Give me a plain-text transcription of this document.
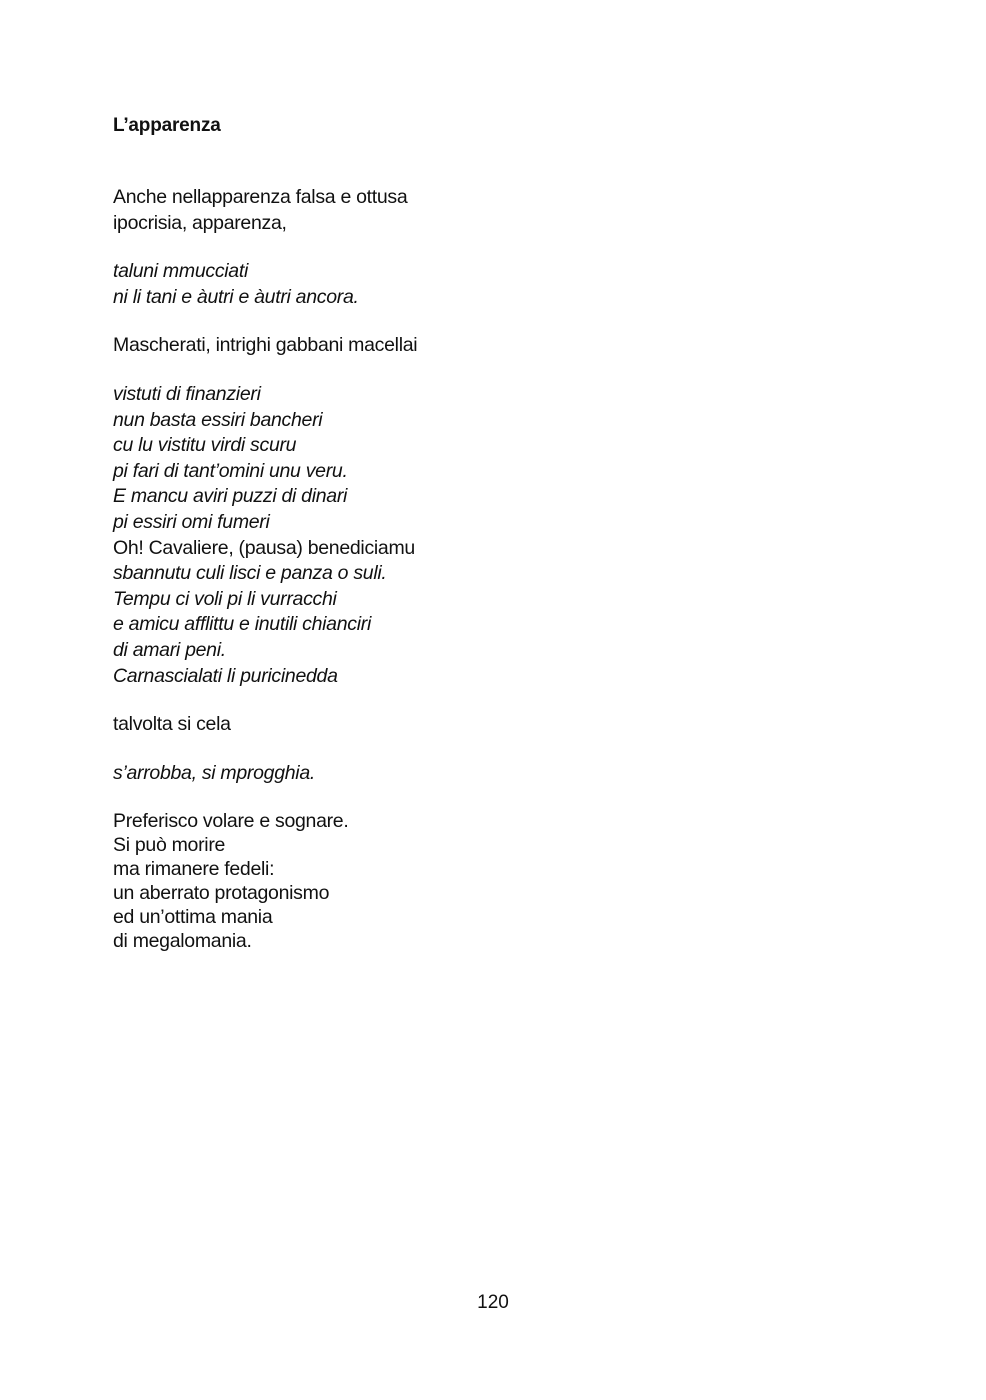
L’apparenza
Anche nellapparenza falsa e ottusa
ipocrisia, apparenza,
taluni mmucciati
ni li tani e àutri e àutri ancora.
Mascherati, intrighi gabbani macellai
vistuti di finanzieri
nun basta essiri bancheri
cu lu vistitu virdi scuru
pi fari di tant’omini unu veru.
E mancu aviri puzzi di dinari
pi essiri omi fumeri
Oh! Cavaliere, (pausa) benediciamu
sbannutu culi lisci e panza o suli.
Tempu ci voli pi li vurracchi
e amicu afflittu e inutili chianciri
di amari peni.
Carnascialati li puricinedda
talvolta si cela
s’arrobba, si mprogghia.
Preferisco volare e sognare.
Si può morire
ma rimanere fedeli:
un aberrato protagonismo
ed un’ottima mania
di megalomania.
120
